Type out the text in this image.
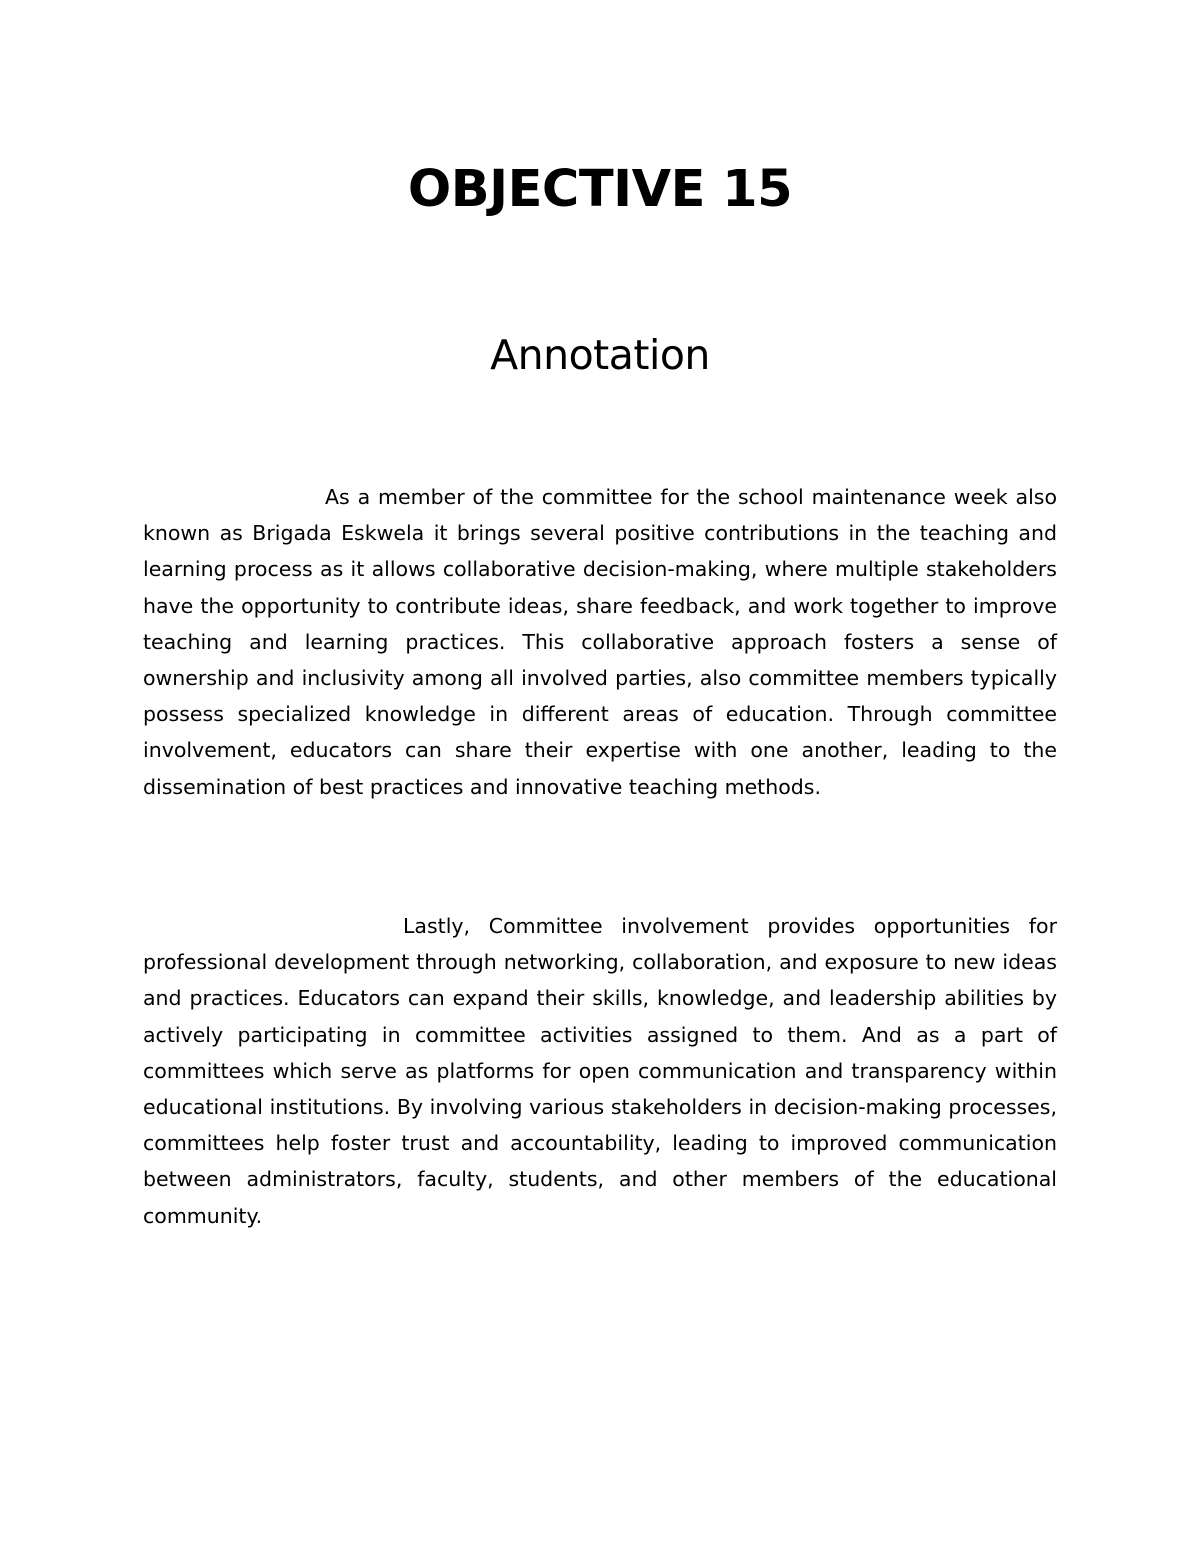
OBJECTIVE 15
Annotation

As a member of the committee for the school maintenance week also known as Brigada Eskwela it brings several positive contributions in the teaching and learning process as it allows collaborative decision-making, where multiple stakeholders have the opportunity to contribute ideas, share feedback, and work together to improve teaching and learning practices. This collaborative approach fosters a sense of ownership and inclusivity among all involved parties, also committee members typically possess specialized knowledge in different areas of education. Through committee involvement, educators can share their expertise with one another, leading to the dissemination of best practices and innovative teaching methods.

Lastly, Committee involvement provides opportunities for professional development through networking, collaboration, and exposure to new ideas and practices. Educators can expand their skills, knowledge, and leadership abilities by actively participating in committee activities assigned to them. And as a part of committees which serve as platforms for open communication and transparency within educational institutions. By involving various stakeholders in decision-making processes, committees help foster trust and accountability, leading to improved communication between administrators, faculty, students, and other members of the educational community.
